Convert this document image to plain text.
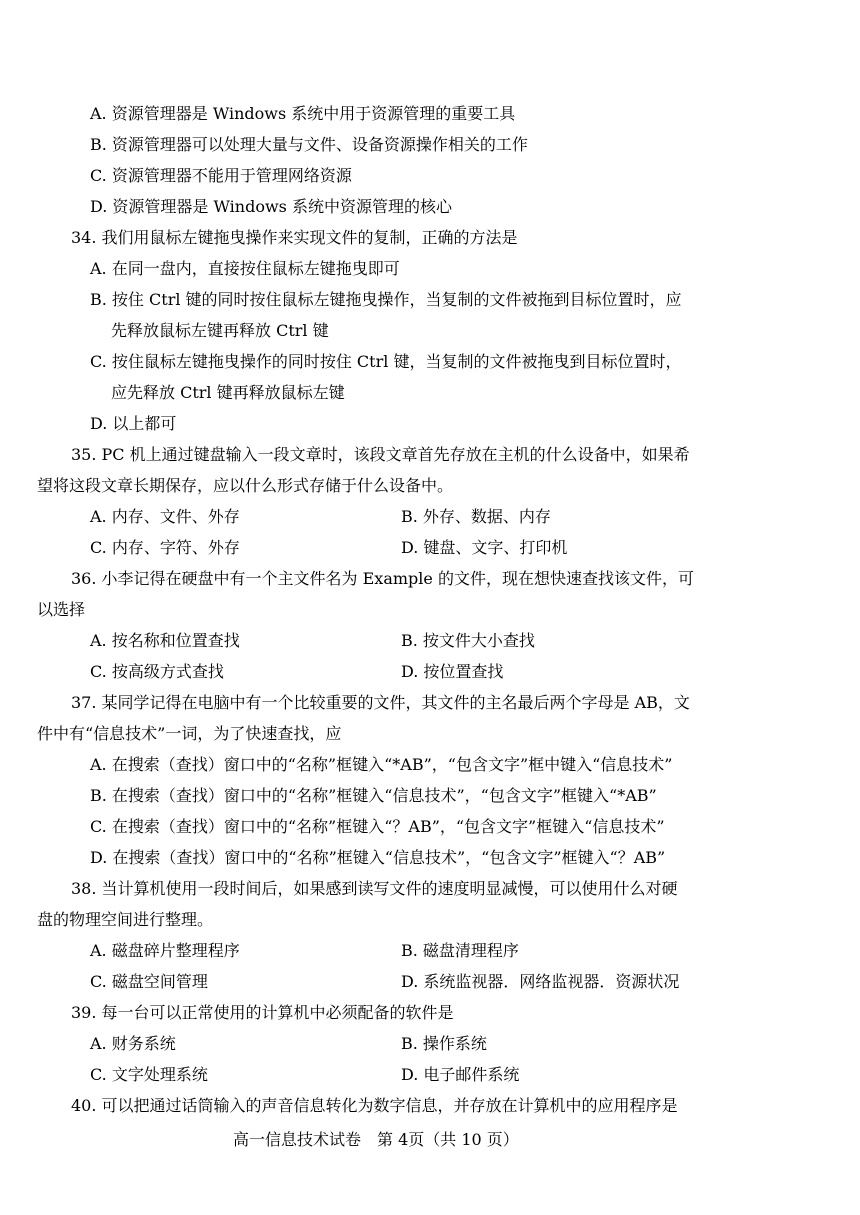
A. 资源管理器是 Windows 系统中用于资源管理的重要工具
B. 资源管理器可以处理大量与文件、设备资源操作相关的工作
C. 资源管理器不能用于管理网络资源
D. 资源管理器是 Windows 系统中资源管理的核心
34. 我们用鼠标左键拖曳操作来实现文件的复制，正确的方法是
A. 在同一盘内，直接按住鼠标左键拖曳即可
B. 按住 Ctrl 键的同时按住鼠标左键拖曳操作，当复制的文件被拖到目标位置时，应
先释放鼠标左键再释放 Ctrl 键
C. 按住鼠标左键拖曳操作的同时按住 Ctrl 键，当复制的文件被拖曳到目标位置时，
应先释放 Ctrl 键再释放鼠标左键
D. 以上都可
35. PC 机上通过键盘输入一段文章时，该段文章首先存放在主机的什么设备中，如果希
望将这段文章长期保存，应以什么形式存储于什么设备中。
A. 内存、文件、外存	B. 外存、数据、内存
C. 内存、字符、外存	D. 键盘、文字、打印机
36. 小李记得在硬盘中有一个主文件名为 Example 的文件，现在想快速查找该文件，可
以选择
A. 按名称和位置查找	B. 按文件大小查找
C. 按高级方式查找	D. 按位置查找
37. 某同学记得在电脑中有一个比较重要的文件，其文件的主名最后两个字母是 AB，文
件中有“信息技术”一词，为了快速查找，应
A. 在搜索（查找）窗口中的“名称”框键入“*AB”，“包含文字”框中键入“信息技术”
B. 在搜索（查找）窗口中的“名称”框键入“信息技术”，“包含文字”框键入“*AB”
C. 在搜索（查找）窗口中的“名称”框键入“？AB”，“包含文字”框键入“信息技术”
D. 在搜索（查找）窗口中的“名称”框键入“信息技术”，“包含文字”框键入“？AB”
38. 当计算机使用一段时间后，如果感到读写文件的速度明显减慢，可以使用什么对硬
盘的物理空间进行整理。
A. 磁盘碎片整理程序	B. 磁盘清理程序
C. 磁盘空间管理	D. 系统监视器．网络监视器．资源状况
39. 每一台可以正常使用的计算机中必须配备的软件是
A. 财务系统	B. 操作系统
C. 文字处理系统	D. 电子邮件系统
40. 可以把通过话筒输入的声音信息转化为数字信息，并存放在计算机中的应用程序是
高一信息技术试卷　第 4页（共 10 页）
